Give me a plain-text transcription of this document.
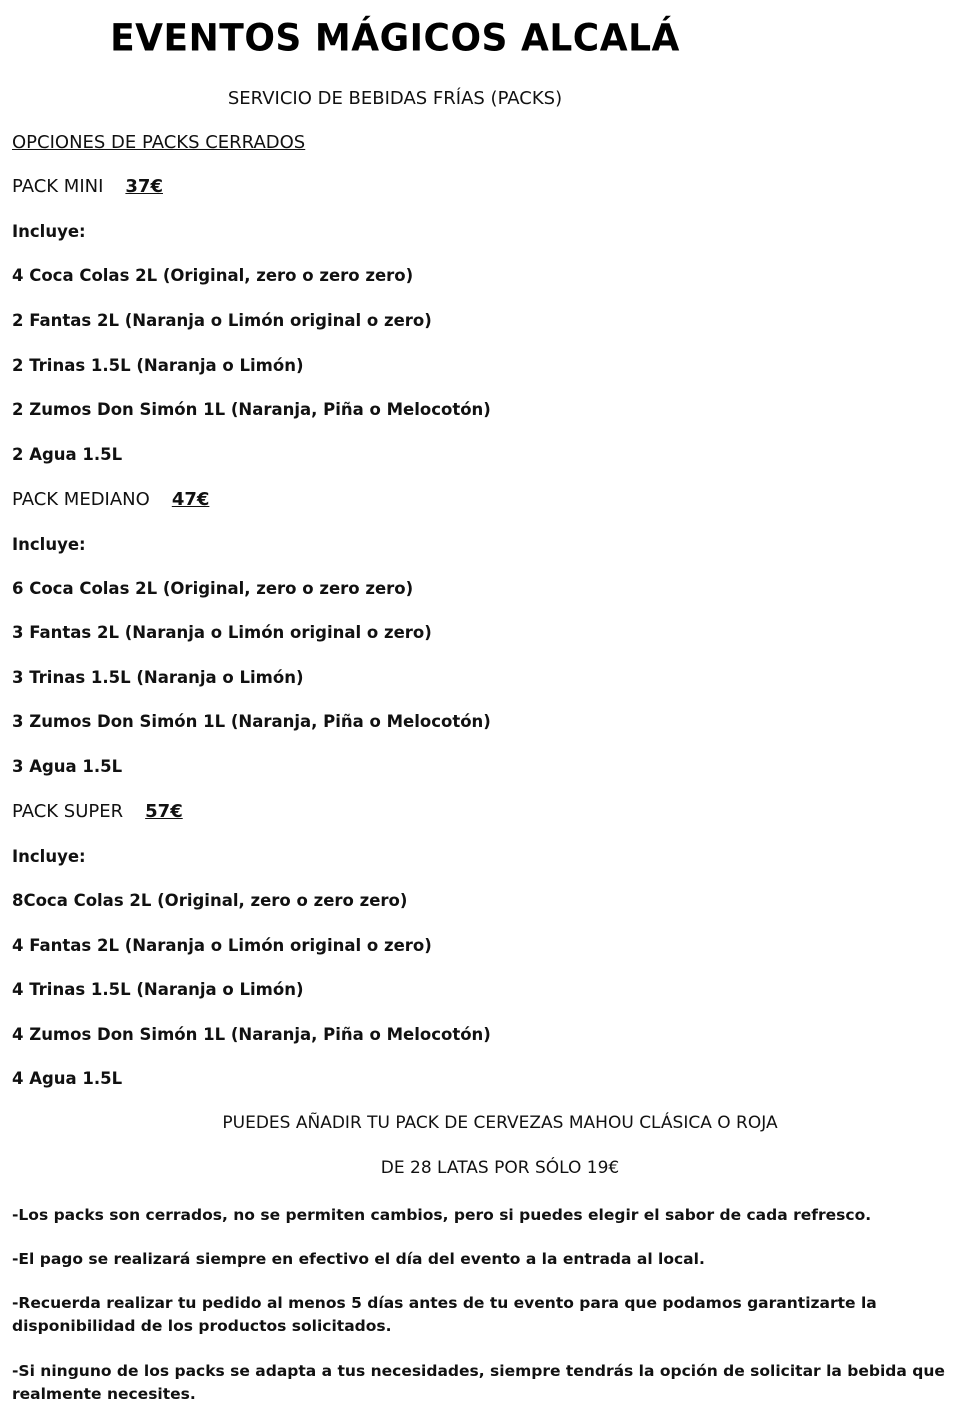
EVENTOS MÁGICOS ALCALÁ
SERVICIO DE BEBIDAS FRÍAS (PACKS)
OPCIONES DE PACKS CERRADOS
PACK MINI 37€
Incluye:
4 Coca Colas 2L (Original, zero o zero zero)
2 Fantas 2L (Naranja o Limón original o zero)
2 Trinas 1.5L (Naranja o Limón)
2 Zumos Don Simón 1L (Naranja, Piña o Melocotón)
2 Agua 1.5L
PACK MEDIANO 47€
Incluye:
6 Coca Colas 2L (Original, zero o zero zero)
3 Fantas 2L (Naranja o Limón original o zero)
3 Trinas 1.5L (Naranja o Limón)
3 Zumos Don Simón 1L (Naranja, Piña o Melocotón)
3 Agua 1.5L
PACK SUPER 57€
Incluye:
8Coca Colas 2L (Original, zero o zero zero)
4 Fantas 2L (Naranja o Limón original o zero)
4 Trinas 1.5L (Naranja o Limón)
4 Zumos Don Simón 1L (Naranja, Piña o Melocotón)
4 Agua 1.5L
PUEDES AÑADIR TU PACK DE CERVEZAS MAHOU CLÁSICA O ROJA
DE 28 LATAS POR SÓLO 19€
-Los packs son cerrados, no se permiten cambios, pero si puedes elegir el sabor de cada refresco.
-El pago se realizará siempre en efectivo el día del evento a la entrada al local.
-Recuerda realizar tu pedido al menos 5 días antes de tu evento para que podamos garantizarte la disponibilidad de los productos solicitados.
-Si ninguno de los packs se adapta a tus necesidades, siempre tendrás la opción de solicitar la bebida que realmente necesites.
